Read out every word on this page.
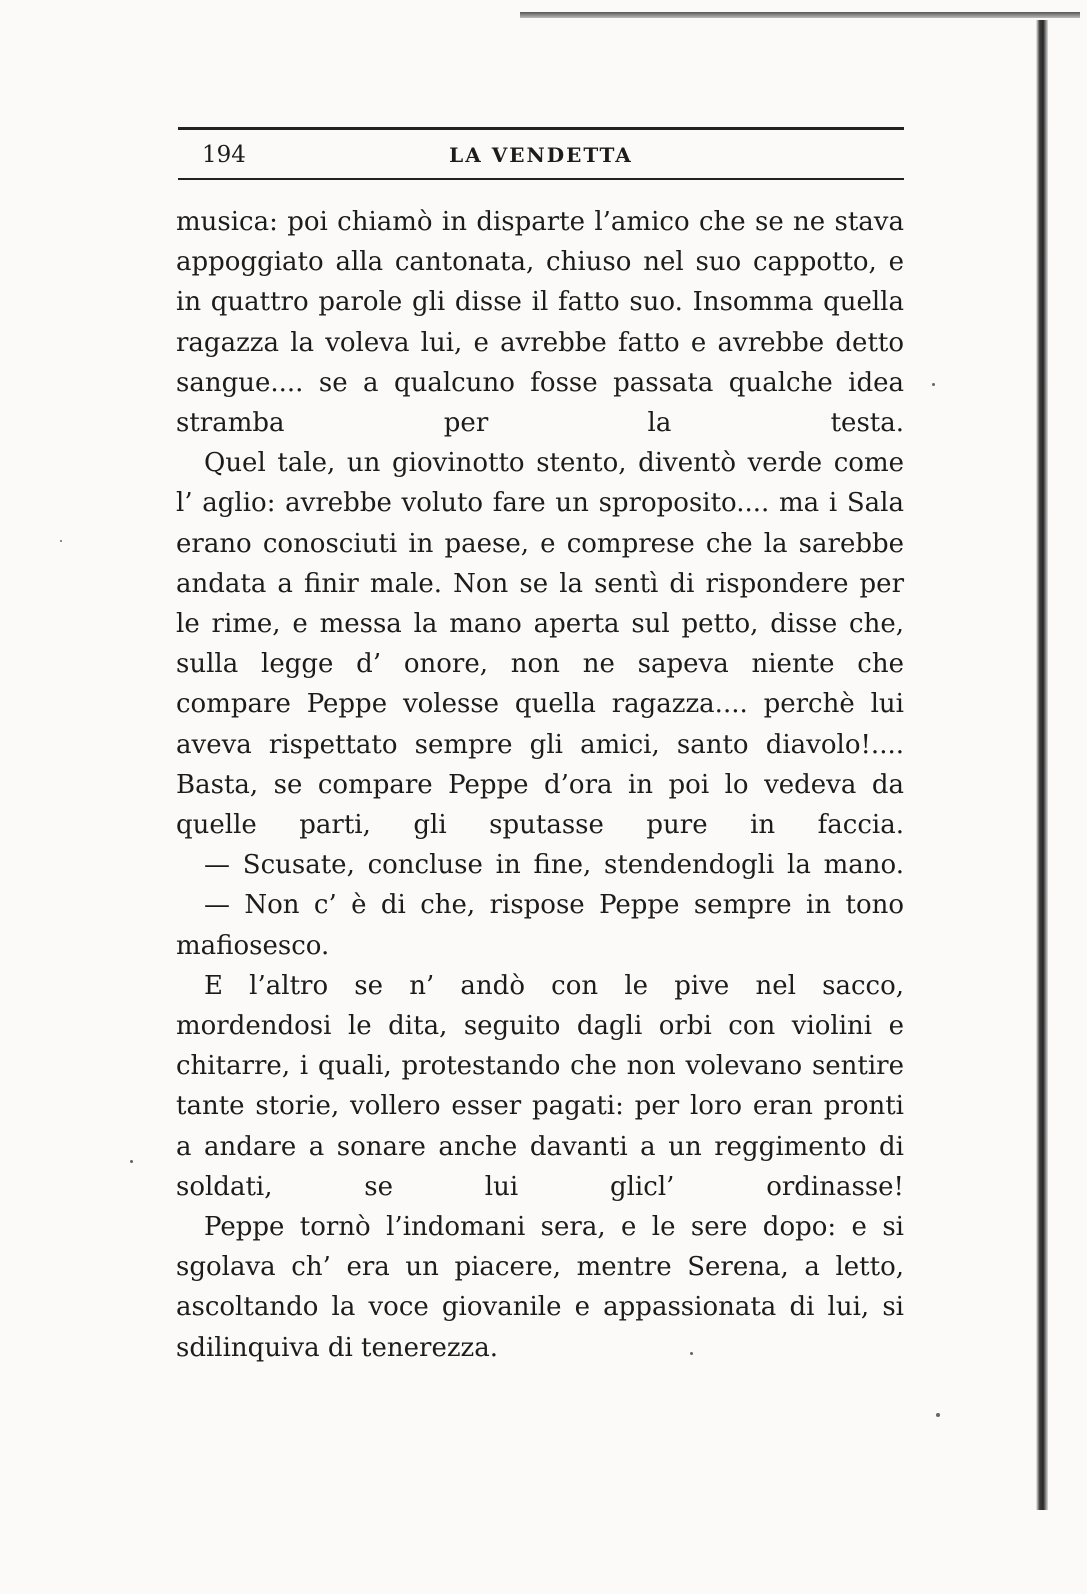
194	LA VENDETTA

musica: poi chiamò in disparte l’amico che se ne stava appoggiato alla cantonata, chiuso nel suo cappotto, e in quattro parole gli disse il fatto suo. Insomma quella ragazza la voleva lui, e avrebbe fatto e avrebbe detto sangue.... se a qualcuno fosse passata qualche idea stramba per la testa.

Quel tale, un giovinotto stento, diventò verde come l’ aglio: avrebbe voluto fare un sproposito.... ma i Sala erano conosciuti in paese, e comprese che la sarebbe andata a finir male. Non se la sentì di rispondere per le rime, e messa la mano aperta sul petto, disse che, sulla legge d’ onore, non ne sapeva niente che compare Peppe volesse quella ragazza.... perchè lui aveva rispettato sempre gli amici, santo diavolo!.... Basta, se compare Peppe d’ora in poi lo vedeva da quelle parti, gli sputasse pure in faccia.

— Scusate, concluse in fine, stendendogli la mano.

— Non c’ è di che, rispose Peppe sempre in tono mafiosesco.

E l’altro se n’ andò con le pive nel sacco, mordendosi le dita, seguito dagli orbi con violini e chitarre, i quali, protestando che non volevano sentire tante storie, vollero esser pagati: per loro eran pronti a andare a sonare anche davanti a un reggimento di soldati, se lui glicl’ ordinasse!

Peppe tornò l’indomani sera, e le sere dopo: e si sgolava ch’ era un piacere, mentre Serena, a letto, ascoltando la voce giovanile e appassionata di lui, si sdilinquiva di tenerezza.
